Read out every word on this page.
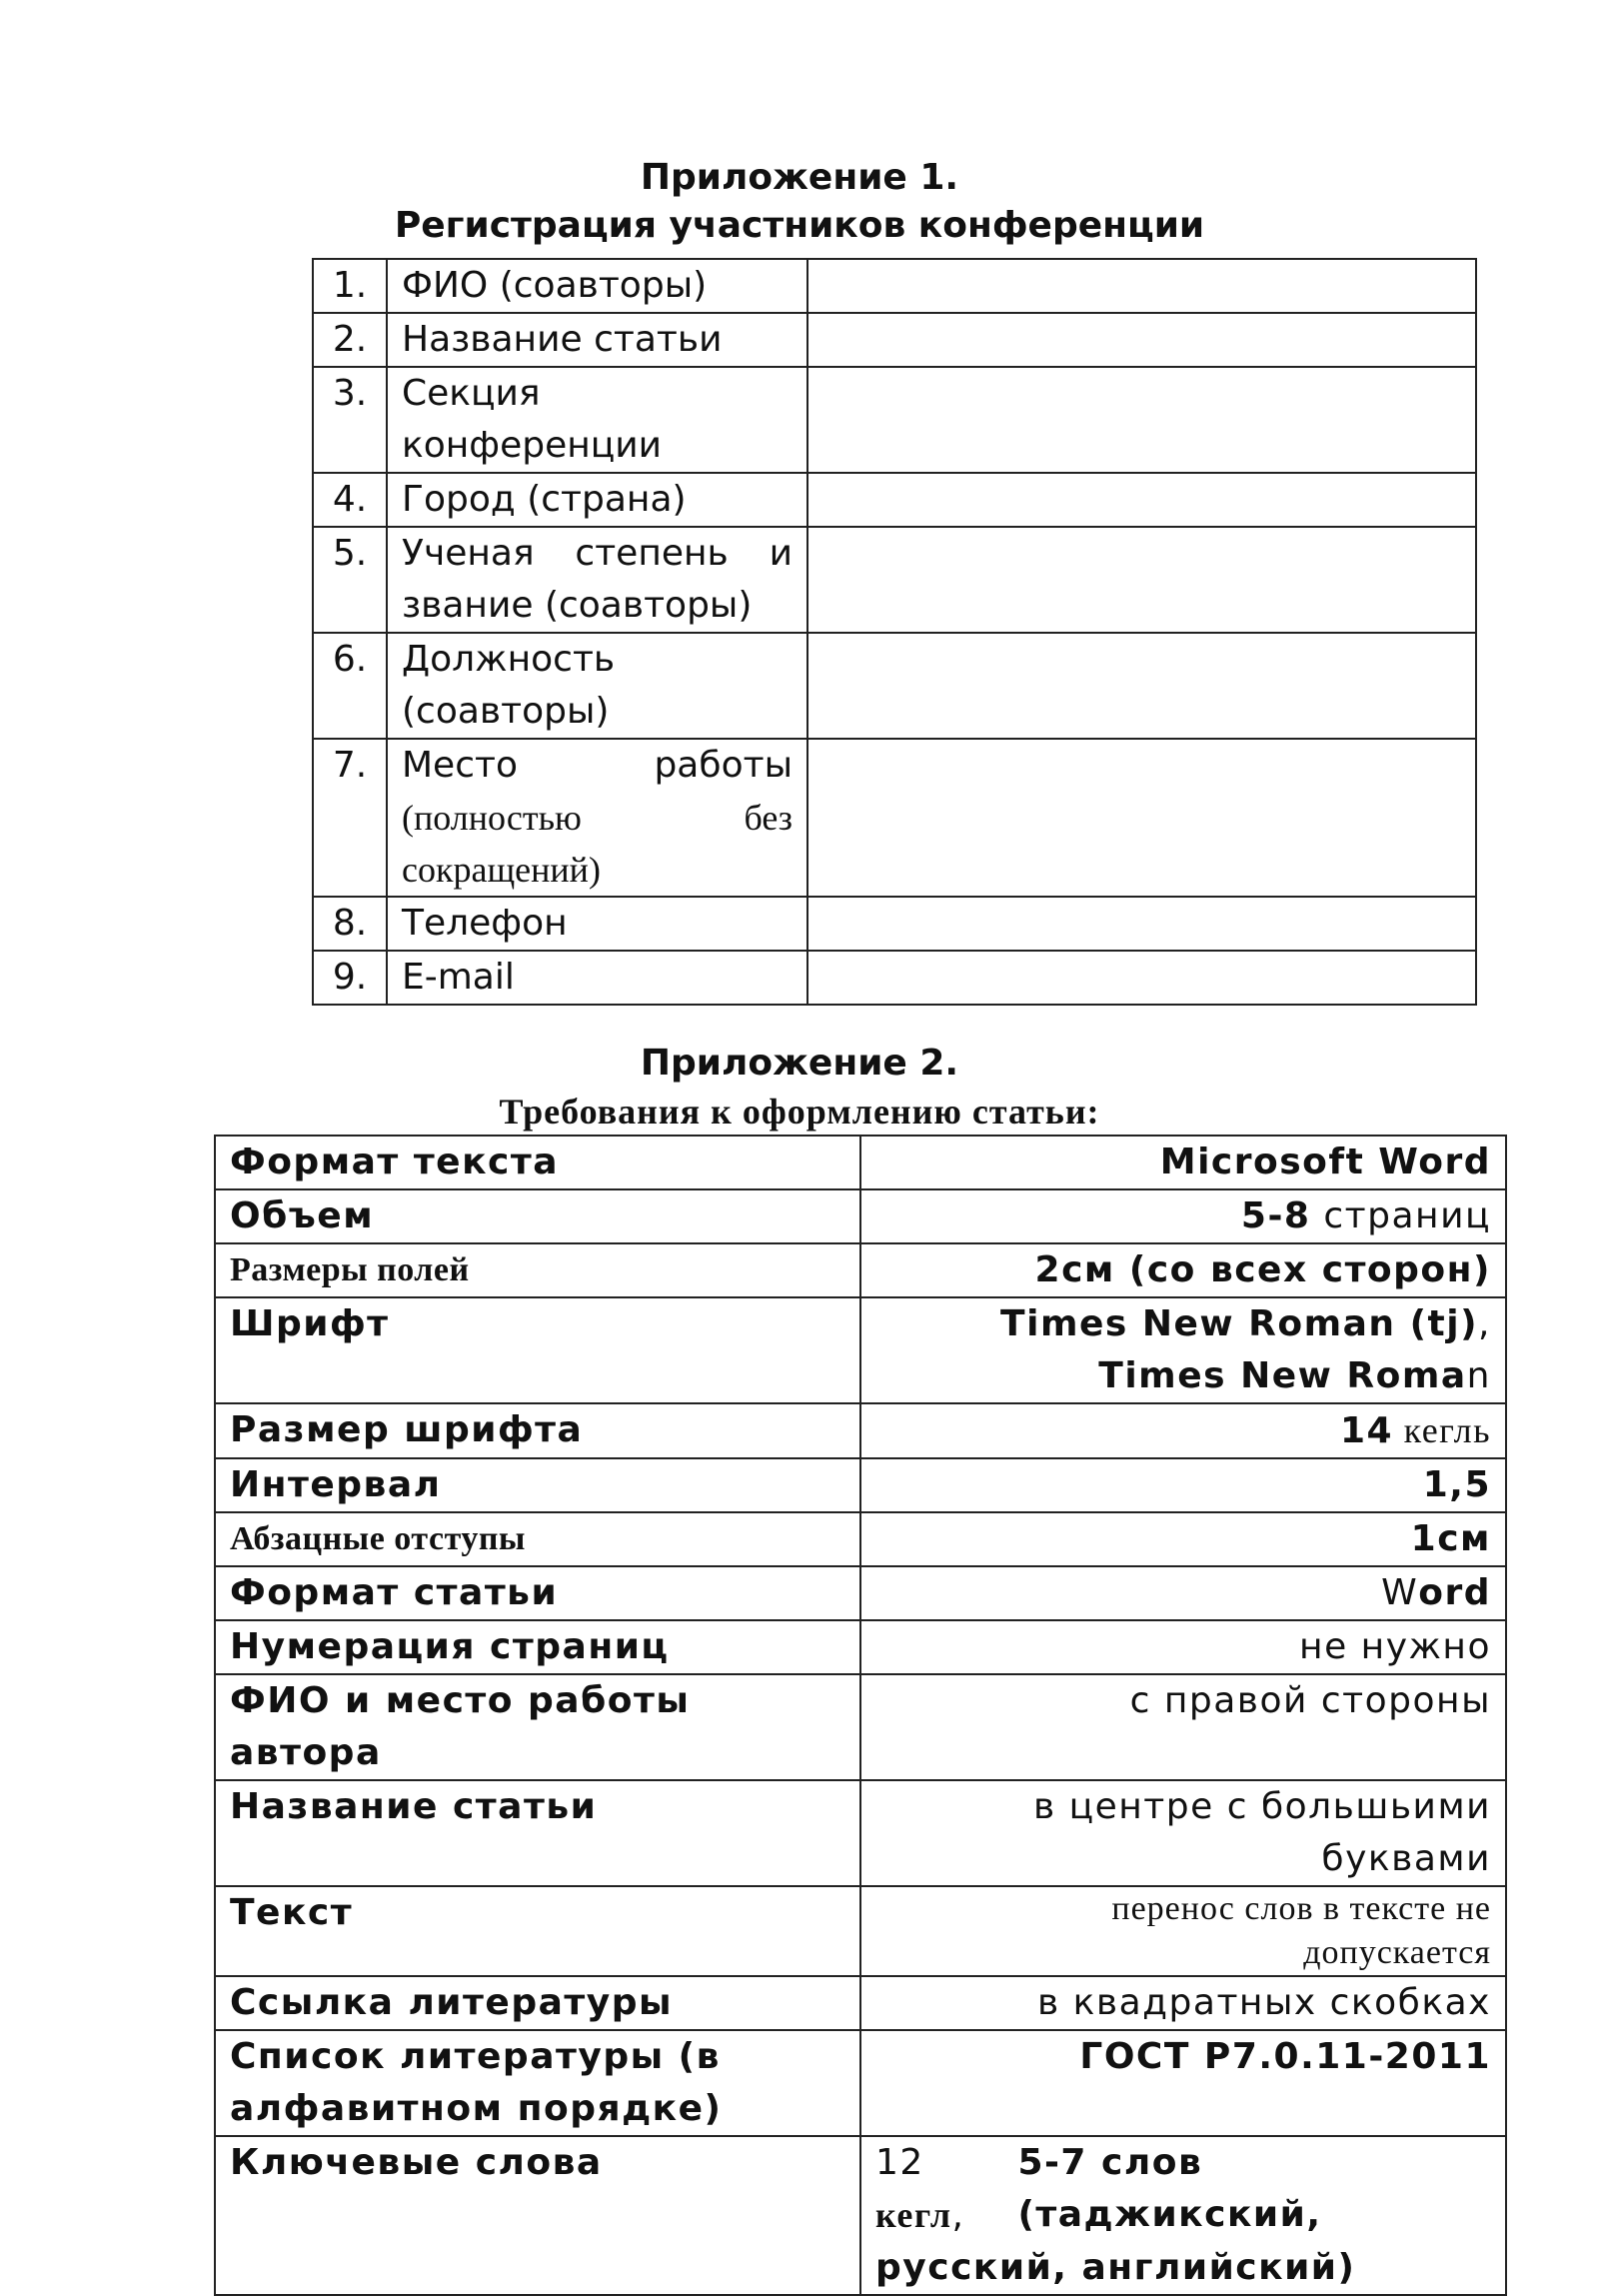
Приложение 1.
Регистрация участников конференции
1.	ФИО (соавторы)	
2.	Название статьи	
3.	Секция
конференции	

4.	Город (страна)	
5.	Ученая степень и
звание (соавторы)	

6.	Должность
(соавторы)	

7.	Место работы
(полностью без
сокращений)	

8.	Телефон	
9.	E-mail	
Приложение 2.
Требования к оформлению статьи:
Формат текста	Microsoft Word
Объем	5-8 страниц
Размеры полей	2см (со всех сторон)
Шрифт	Times New Roman (tj),
Times New Roman

Размер шрифта	14 кегль
Интервал	1,5
Абзацные отступы	1см
Формат статьи	Word
Нумерация страниц	не нужно
ФИО и место работы автора	с правой стороны
Название статьи	в центре с большьими буквами
Текст	перенос слов в тексте не
допускается

Ссылка литературы	в квадратных скобках

Список литературы (в
алфавитном порядке)	ГОСТ Р7.0.11-2011
Ключевые слова	12 кегл,
5-7 слов (таджикский,
русский, английский)
